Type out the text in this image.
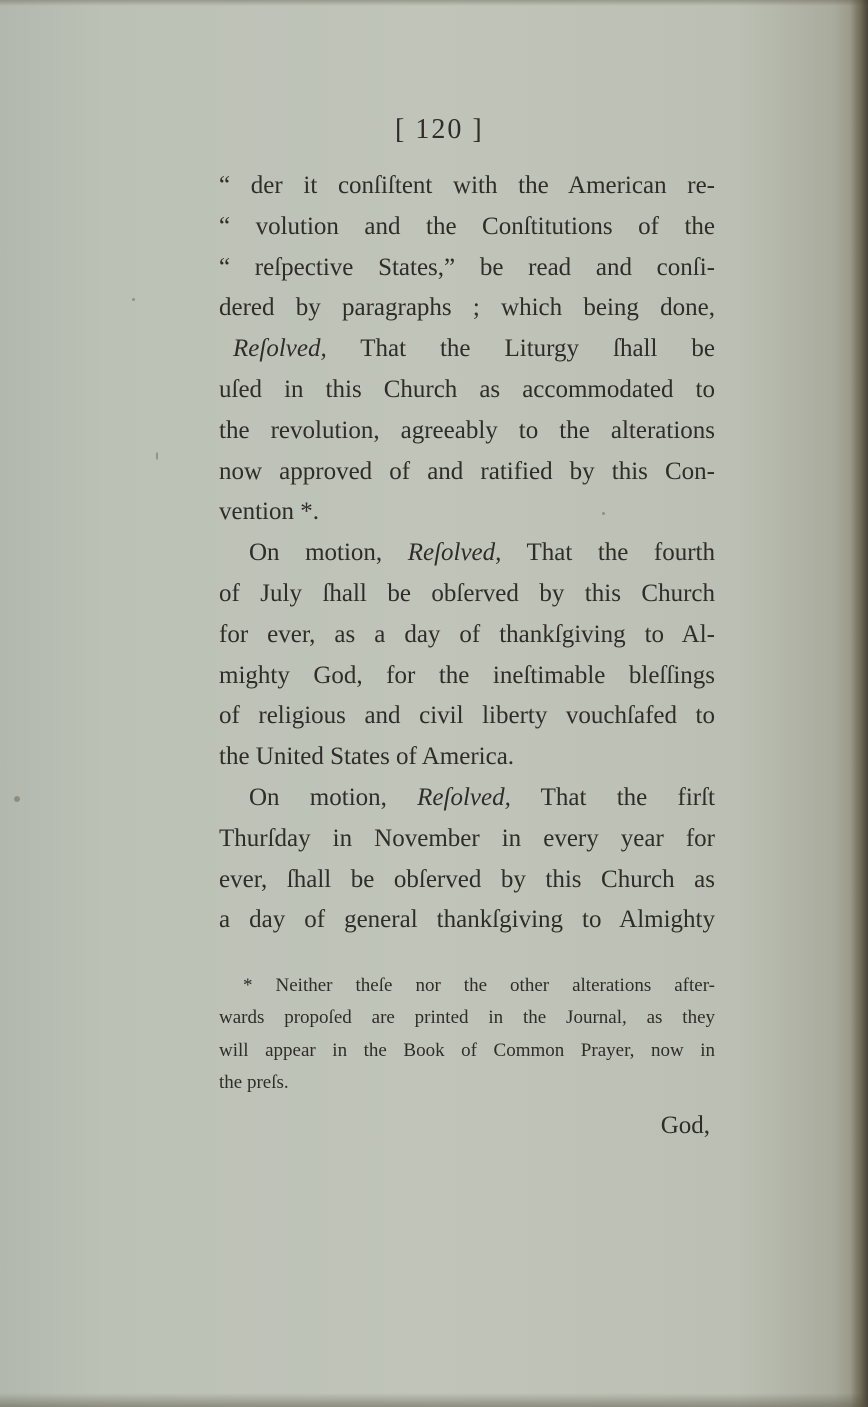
[ 120 ]
“ der it conſiſtent with the American re-
“ volution and the Conſtitutions of the
“ reſpective States,” be read and conſi-
dered by paragraphs ; which being done,
Reſolved, That the Liturgy ſhall be
uſed in this Church as accommodated to
the revolution, agreeably to the alterations
now approved of and ratified by this Con-
vention *.
On motion, Reſolved, That the fourth
of July ſhall be obſerved by this Church
for ever, as a day of thankſgiving to Al-
mighty God, for the ineſtimable bleſſings
of religious and civil liberty vouchſafed to
the United States of America.
On motion, Reſolved, That the firſt
Thurſday in November in every year for
ever, ſhall be obſerved by this Church as
a day of general thankſgiving to Almighty
* Neither theſe nor the other alterations after-
wards propoſed are printed in the Journal, as they
will appear in the Book of Common Prayer, now in
the preſs.
God,
